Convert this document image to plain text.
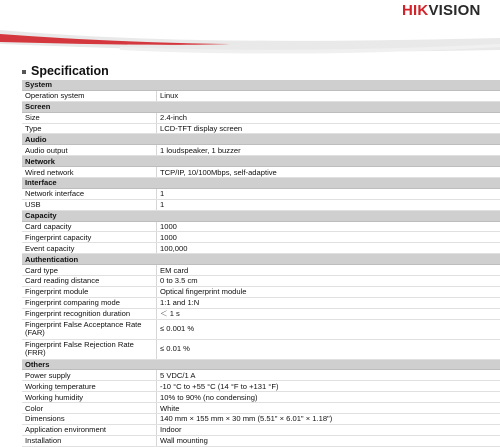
HIKVISION
Specification
System	
Operation system	Linux
Screen	
Size	2.4-inch
Type	LCD-TFT display screen
Audio	
Audio output	1 loudspeaker, 1 buzzer
Network	
Wired network	TCP/IP, 10/100Mbps, self-adaptive
Interface	
Network interface	1
USB	1
Capacity	
Card capacity	1000
Fingerprint capacity	1000
Event capacity	100,000
Authentication	
Card type	EM card
Card reading distance	0 to 3.5 cm
Fingerprint module	Optical fingerprint module
Fingerprint comparing mode	1:1 and 1:N
Fingerprint recognition duration	＜ 1 s
Fingerprint False Acceptance Rate (FAR)	≤ 0.001 %
Fingerprint False Rejection Rate (FRR)	≤ 0.01 %
Others	
Power supply	5 VDC/1 A
Working temperature	-10 °C to +55 °C (14 °F to +131 °F)
Working humidity	10% to 90% (no condensing)
Color	White
Dimensions	140 mm × 155 mm × 30 mm (5.51" × 6.01" × 1.18")
Application environment	Indoor
Installation	Wall mounting
